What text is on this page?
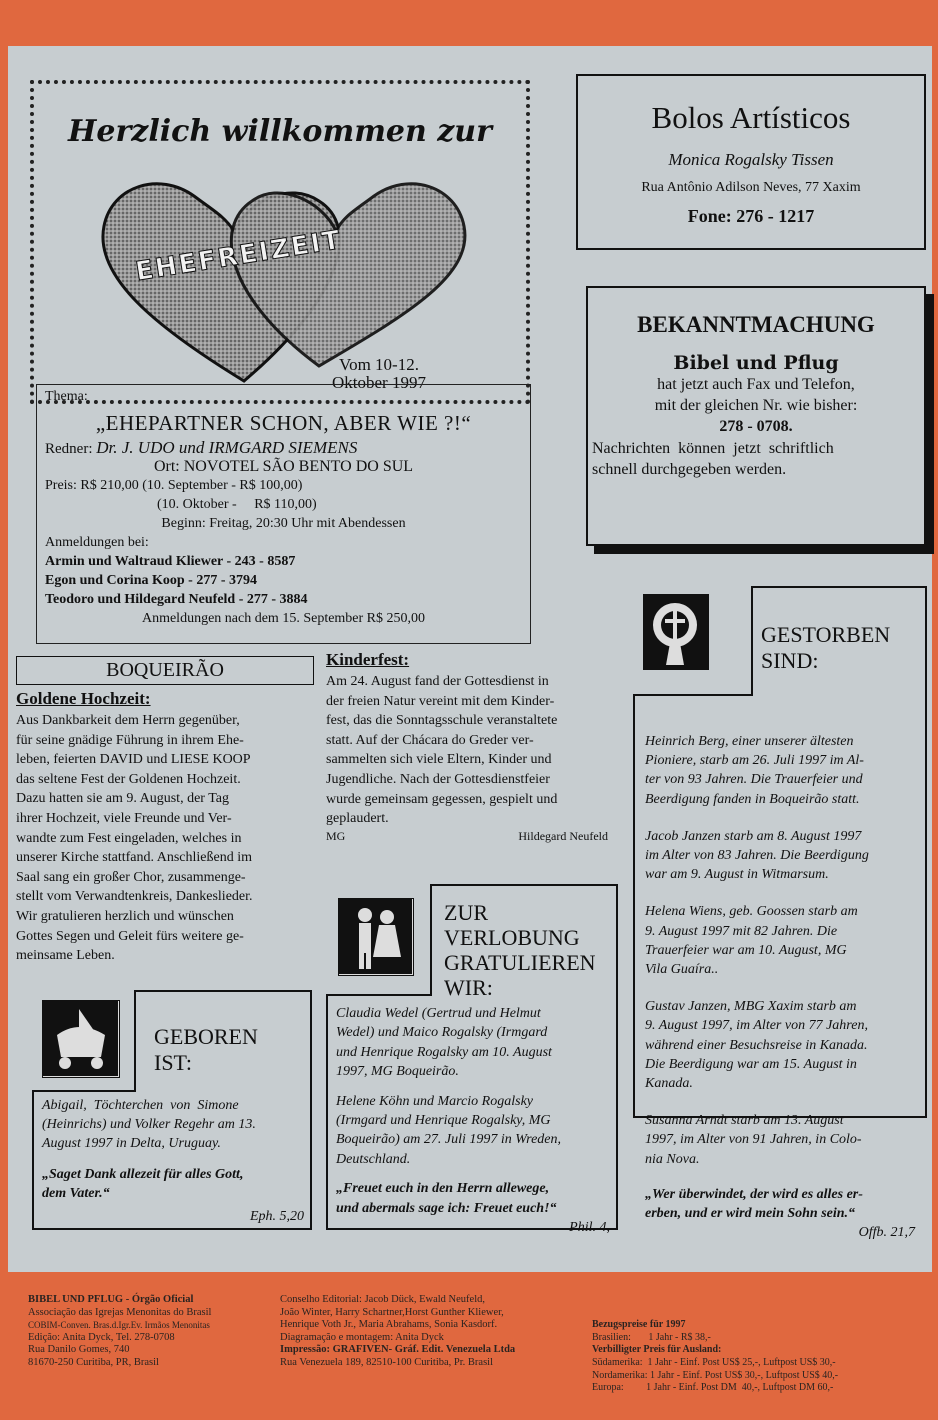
Herzlich willkommen zur
EHEFREIZEIT
Vom 10-12.
Oktober 1997
Thema:
„EHEPARTNER SCHON, ABER WIE ?!“
Redner: Dr. J. UDO und IRMGARD SIEMENS
Ort: NOVOTEL SÃO BENTO DO SUL
Preis: R$ 210,00 (10. September - R$ 100,00)
(10. Oktober -     R$ 110,00)
Beginn: Freitag, 20:30 Uhr mit Abendessen
Anmeldungen bei:
Armin und Waltraud Kliewer - 243 - 8587
Egon und Corina Koop - 277 - 3794
Teodoro und Hildegard Neufeld - 277 - 3884
Anmeldungen nach dem 15. September R$ 250,00
Bolos Artísticos
Monica Rogalsky Tissen
Rua Antônio Adilson Neves, 77 Xaxim
Fone: 276 - 1217
BEKANNTMACHUNG
Bibel und Pflug
hat jetzt auch Fax und Telefon,
mit der gleichen Nr. wie bisher:
278 - 0708.
Nachrichten  können  jetzt  schriftlich
schnell durchgegeben werden.
GESTORBEN
SIND:
Heinrich Berg, einer unserer ältesten
Pioniere, starb am 26. Juli 1997 im Al-
ter von 93 Jahren. Die Trauerfeier und
Beerdigung fanden in Boqueirão statt.
Jacob Janzen starb am 8. August 1997
im Alter von 83 Jahren. Die Beerdigung
war am 9. August in Witmarsum.
Helena Wiens, geb. Goossen starb am
9. August 1997 mit 82 Jahren. Die
Trauerfeier war am 10. August, MG
Vila Guaíra..
Gustav Janzen, MBG Xaxim starb am
9. August 1997, im Alter von 77 Jahren,
während einer Besuchsreise in Kanada.
Die Beerdigung war am 15. August in
Kanada.
Susanna Arndt starb am 13. August
1997, im Alter von 91 Jahren, in Colo-
nia Nova.
„Wer überwindet, der wird es alles er-
erben, und er wird mein Sohn sein.“
Offb. 21,7
BOQUEIRÃO
Goldene Hochzeit:
Aus Dankbarkeit dem Herrn gegenüber,
für seine gnädige Führung in ihrem Ehe-
leben, feierten DAVID und LIESE KOOP
das seltene Fest der Goldenen Hochzeit.
Dazu hatten sie am 9. August, der Tag
ihrer Hochzeit, viele Freunde und Ver-
wandte zum Fest eingeladen, welches in
unserer Kirche stattfand. Anschließend im
Saal sang ein großer Chor, zusammenge-
stellt vom Verwandtenkreis, Dankeslieder.
Wir gratulieren herzlich und wünschen
Gottes Segen und Geleit fürs weitere ge-
meinsame Leben.
Kinderfest:
Am 24. August fand der Gottesdienst in
der freien Natur vereint mit dem Kinder-
fest, das die Sonntagsschule veranstaltete
statt. Auf der Chácara do Greder ver-
sammelten sich viele Eltern, Kinder und
Jugendliche. Nach der Gottesdienstfeier
wurde gemeinsam gegessen, gespielt und
geplaudert.
MG	Hildegard Neufeld
GEBOREN
IST:
Abigail,  Töchterchen  von  Simone
(Heinrichs) und Volker Regehr am 13.
August 1997 in Delta, Uruguay.
„Saget Dank allezeit für alles Gott,
dem Vater.“
Eph. 5,20
ZUR
VERLOBUNG
GRATULIEREN
WIR:
Claudia Wedel (Gertrud und Helmut
Wedel) und Maico Rogalsky (Irmgard
und Henrique Rogalsky am 10. August
1997, MG Boqueirão.
Helene Köhn und Marcio Rogalsky
(Irmgard und Henrique Rogalsky, MG
Boqueirão) am 27. Juli 1997 in Wreden,
Deutschland.
„Freuet euch in den Herrn allewege,
und abermals sage ich: Freuet euch!“
Phil. 4,
BIBEL UND PFLUG - Órgão Oficial
Associação das Igrejas Menonitas do Brasil
COBIM-Conven. Bras.d.Igr.Ev. Irmãos Menonitas
Edição: Anita Dyck, Tel. 278-0708
Rua Danilo Gomes, 740
81670-250 Curitiba, PR, Brasil
Conselho Editorial: Jacob Dück, Ewald Neufeld,
João Winter, Harry Schartner,Horst Gunther Kliewer,
Henrique Voth Jr., Maria Abrahams, Sonia Kasdorf.
Diagramação e montagem: Anita Dyck
Impressão: GRAFIVEN- Gráf. Edit. Venezuela Ltda
Rua Venezuela 189, 82510-100 Curitiba, Pr. Brasil

Bezugspreise für 1997
Brasilien:       1 Jahr - R$ 38,-
Verbilligter Preis für Ausland:
Südamerika:  1 Jahr - Einf. Post US$ 25,-, Luftpost US$ 30,-
Nordamerika: 1 Jahr - Einf. Post US$ 30,-, Luftpost US$ 40,-
Europa:         1 Jahr - Einf. Post DM  40,-, Luftpost DM 60,-
